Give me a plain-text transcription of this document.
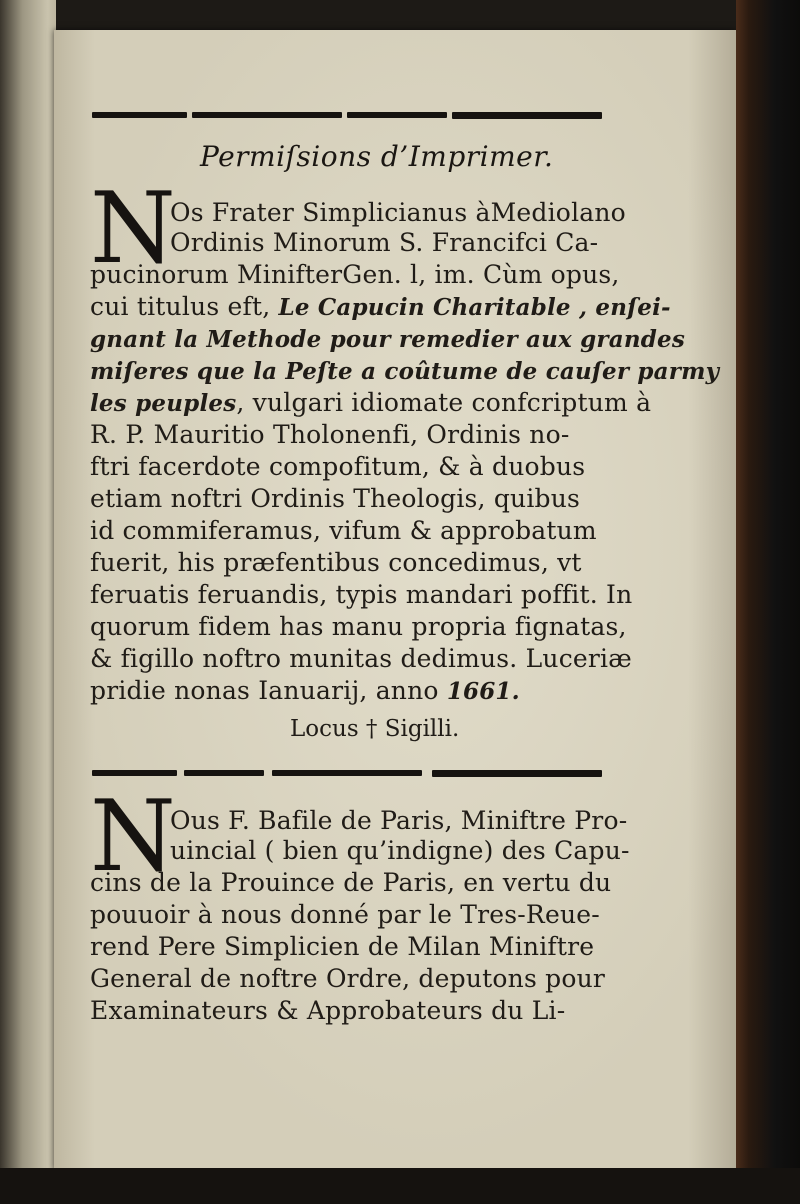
Permiſsions d’Imprimer.
N
Os Frater Simplicianus àMediolano
Ordinis Minorum S. Francifci Ca-
pucinorum MinifterGen. l, im. Cùm opus,
cui titulus eft, Le Capucin Charitable , enſei-
gnant la Methode pour remedier aux grandes
miſeres que la Peſte a coûtume de cauſer parmy
les peuples, vulgari idiomate confcriptum à
R. P. Mauritio Tholonenfi, Ordinis no-
ftri facerdote compofitum, & à duobus
etiam noftri Ordinis Theologis, quibus
id commiferamus, vifum & approbatum
fuerit, his præfentibus concedimus, vt
feruatis feruandis, typis mandari poffit. In
quorum fidem has manu propria fignatas,
& figillo noftro munitas dedimus. Luceriæ
pridie nonas Ianuarij, anno 1661.
Locus † Sigilli.
N
Ous F. Bafile de Paris, Miniftre Pro-
uincial ( bien qu’indigne) des Capu-
cins de la Prouince de Paris, en vertu du
pouuoir à nous donné par le Tres-Reue-
rend Pere Simplicien de Milan Miniftre
General de noftre Ordre, deputons pour
Examinateurs & Approbateurs du Li-
